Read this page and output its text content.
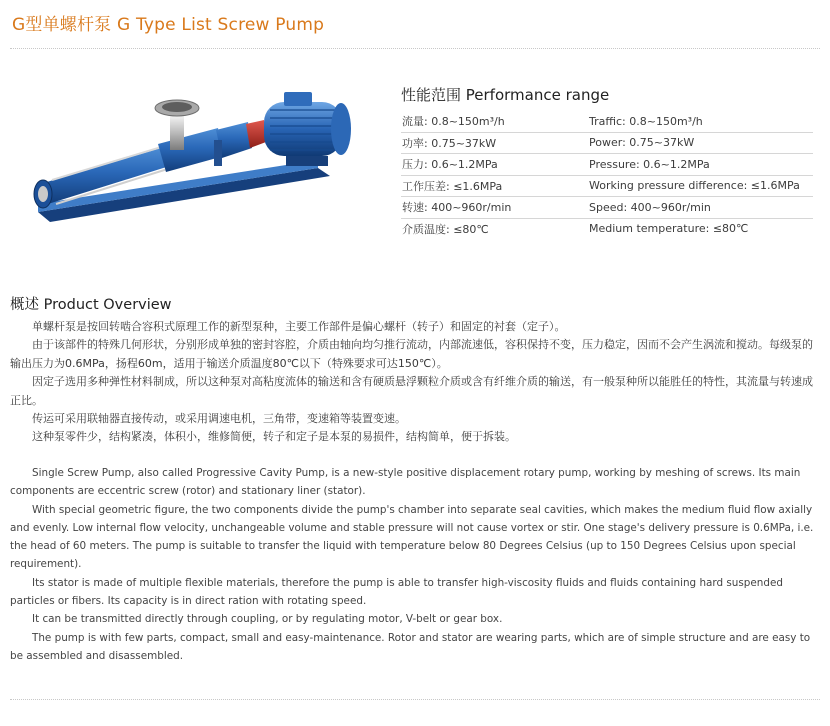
G型单螺杆泵 G Type List Screw Pump
性能范围 Performance range
流量: 0.8~150m³/h	Traffic: 0.8~150m³/h
功率: 0.75~37kW	Power: 0.75~37kW
压力: 0.6~1.2MPa	Pressure: 0.6~1.2MPa
工作压差: ≤1.6MPa	Working pressure difference: ≤1.6MPa
转速: 400~960r/min	Speed: 400~960r/min
介质温度: ≤80℃	Medium temperature: ≤80℃
概述 Product Overview

单螺杆泵是按回转啮合容积式原理工作的新型泵种，主要工作部件是偏心螺杆（转子）和固定的衬套（定子）。

由于该部件的特殊几何形状，分别形成单独的密封容腔，介质由轴向均匀推行流动，内部流速低，容积保持不变，压力稳定，因而不会产生涡流和搅动。每级泵的输出压力为0.6MPa，扬程60m，适用于输送介质温度80℃以下（特殊要求可达150℃）。

因定子选用多种弹性材料制成，所以这种泵对高粘度流体的输送和含有硬质悬浮颗粒介质或含有纤维介质的输送，有一般泵种所以能胜任的特性，其流量与转速成正比。

传运可采用联轴器直接传动，或采用调速电机，三角带，变速箱等装置变速。

这种泵零件少，结构紧凑，体积小，维修简便，转子和定子是本泵的易损件，结构简单，便于拆装。

Single Screw Pump, also called Progressive Cavity Pump, is a new-style positive displacement rotary pump, working by meshing of screws. Its main components are eccentric screw (rotor) and stationary liner (stator).

With special geometric figure, the two components divide the pump's chamber into separate seal cavities, which makes the medium fluid flow axially and evenly. Low internal flow velocity, unchangeable volume and stable pressure will not cause vortex or stir. One stage's delivery pressure is 0.6MPa, i.e. the head of 60 meters. The pump is suitable to transfer the liquid with temperature below 80 Degrees Celsius (up to 150 Degrees Celsius upon special requirement).

Its stator is made of multiple flexible materials, therefore the pump is able to transfer high-viscosity fluids and fluids containing hard suspended particles or fibers. Its capacity is in direct ration with rotating speed.

It can be transmitted directly through coupling, or by regulating motor, V-belt or gear box.

The pump is with few parts, compact, small and easy-maintenance. Rotor and stator are wearing parts, which are of simple structure and are easy to be assembled and disassembled.
